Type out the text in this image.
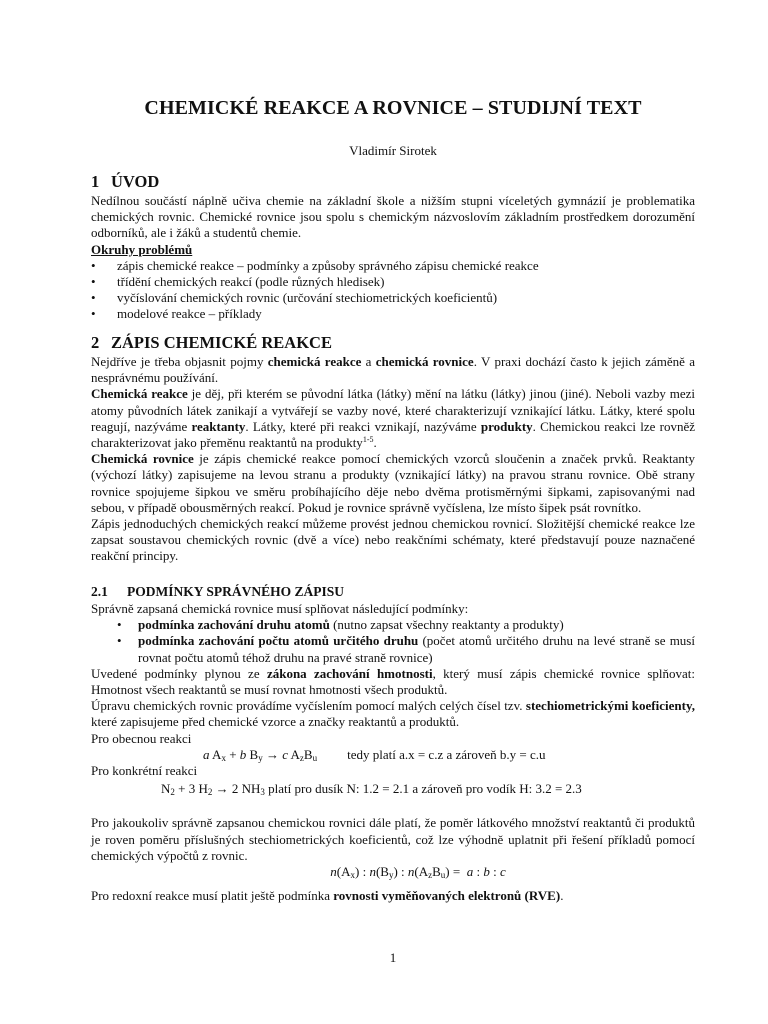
CHEMICKÉ REAKCE A ROVNICE – STUDIJNÍ TEXT
Vladimír Sirotek
1 ÚVOD

Nedílnou součástí náplně učiva chemie na základní škole a nižším stupni víceletých gymnázií je problematika chemických rovnic. Chemické rovnice jsou spolu s chemickým názvoslovím základním prostředkem dorozumění odborníků, ale i žáků a studentů chemie.

Okruhy problémů
• zápis chemické reakce – podmínky a způsoby správného zápisu chemické reakce
• třídění chemických reakcí (podle různých hledisek)
• vyčíslování chemických rovnic (určování stechiometrických koeficientů)
• modelové reakce – příklady
2 ZÁPIS CHEMICKÉ REAKCE

Nejdříve je třeba objasnit pojmy chemická reakce a chemická rovnice. V praxi dochází často k jejich záměně a nesprávnému používání.

Chemická reakce je děj, při kterém se původní látka (látky) mění na látku (látky) jinou (jiné). Neboli vazby mezi atomy původních látek zanikají a vytvářejí se vazby nové, které charakterizují vznikající látku. Látky, které spolu reagují, nazýváme reaktanty. Látky, které při reakci vznikají, nazýváme produkty. Chemickou reakci lze rovněž charakterizovat jako přeměnu reaktantů na produkty$^{1-5}$.

Chemická rovnice je zápis chemické reakce pomocí chemických vzorců sloučenin a značek prvků. Reaktanty (výchozí látky) zapisujeme na levou stranu a produkty (vznikající látky) na pravou stranu rovnice. Obě strany rovnice spojujeme šipkou ve směru probíhajícího děje nebo dvěma protisměrnými šipkami, zapisovanými nad sebou, v případě obousměrných reakcí. Pokud je rovnice správně vyčíslena, lze místo šipek psát rovnítko.

Zápis jednoduchých chemických reakcí můžeme provést jednou chemickou rovnicí. Složitější chemické reakce lze zapsat soustavou chemických rovnic (dvě a více) nebo reakčními schématy, které představují pouze naznačené reakční principy.

2.1 PODMÍNKY SPRÁVNÉHO ZÁPISU

Správně zapsaná chemická rovnice musí splňovat následující podmínky:

• podmínka zachování druhu atomů (nutno zapsat všechny reaktanty a produkty)
• podmínka zachování počtu atomů určitého druhu (počet atomů určitého druhu na levé straně se musí rovnat počtu atomů téhož druhu na pravé straně rovnice)

Uvedené podmínky plynou ze zákona zachování hmotnosti, který musí zápis chemické rovnice splňovat: Hmotnost všech reaktantů se musí rovnat hmotnosti všech produktů.

Úpravu chemických rovnic provádíme vyčíslením pomocí malých celých čísel tzv. stechiometrickými koeficienty, které zapisujeme před chemické vzorce a značky reaktantů a produktů.

Pro obecnou reakci
a $A_x + b$ $B_y \to c$ $A_zB_u$ tedy platí a.x = c.z a zároveň b.y = c.u
Pro konkrétní reakci
$N_2 + 3$ $H_2 \to 2$ $NH_3$ platí pro dusík N: 1.2 = 2.1 a zároveň pro vodík H: 3.2 = 2.3

Pro jakoukoliv správně zapsanou chemickou rovnici dále platí, že poměr látkového množství reaktantů či produktů je roven poměru příslušných stechiometrických koeficientů, což lze výhodně uplatnit při řešení příkladů pomocí chemických výpočtů z rovnic.

$n(A_x)$ : $n(B_y)$ : $n(A_zB_u) = a$ : b : c

Pro redoxní reakce musí platit ještě podmínka rovnosti vyměňovaných elektronů (RVE).

1
